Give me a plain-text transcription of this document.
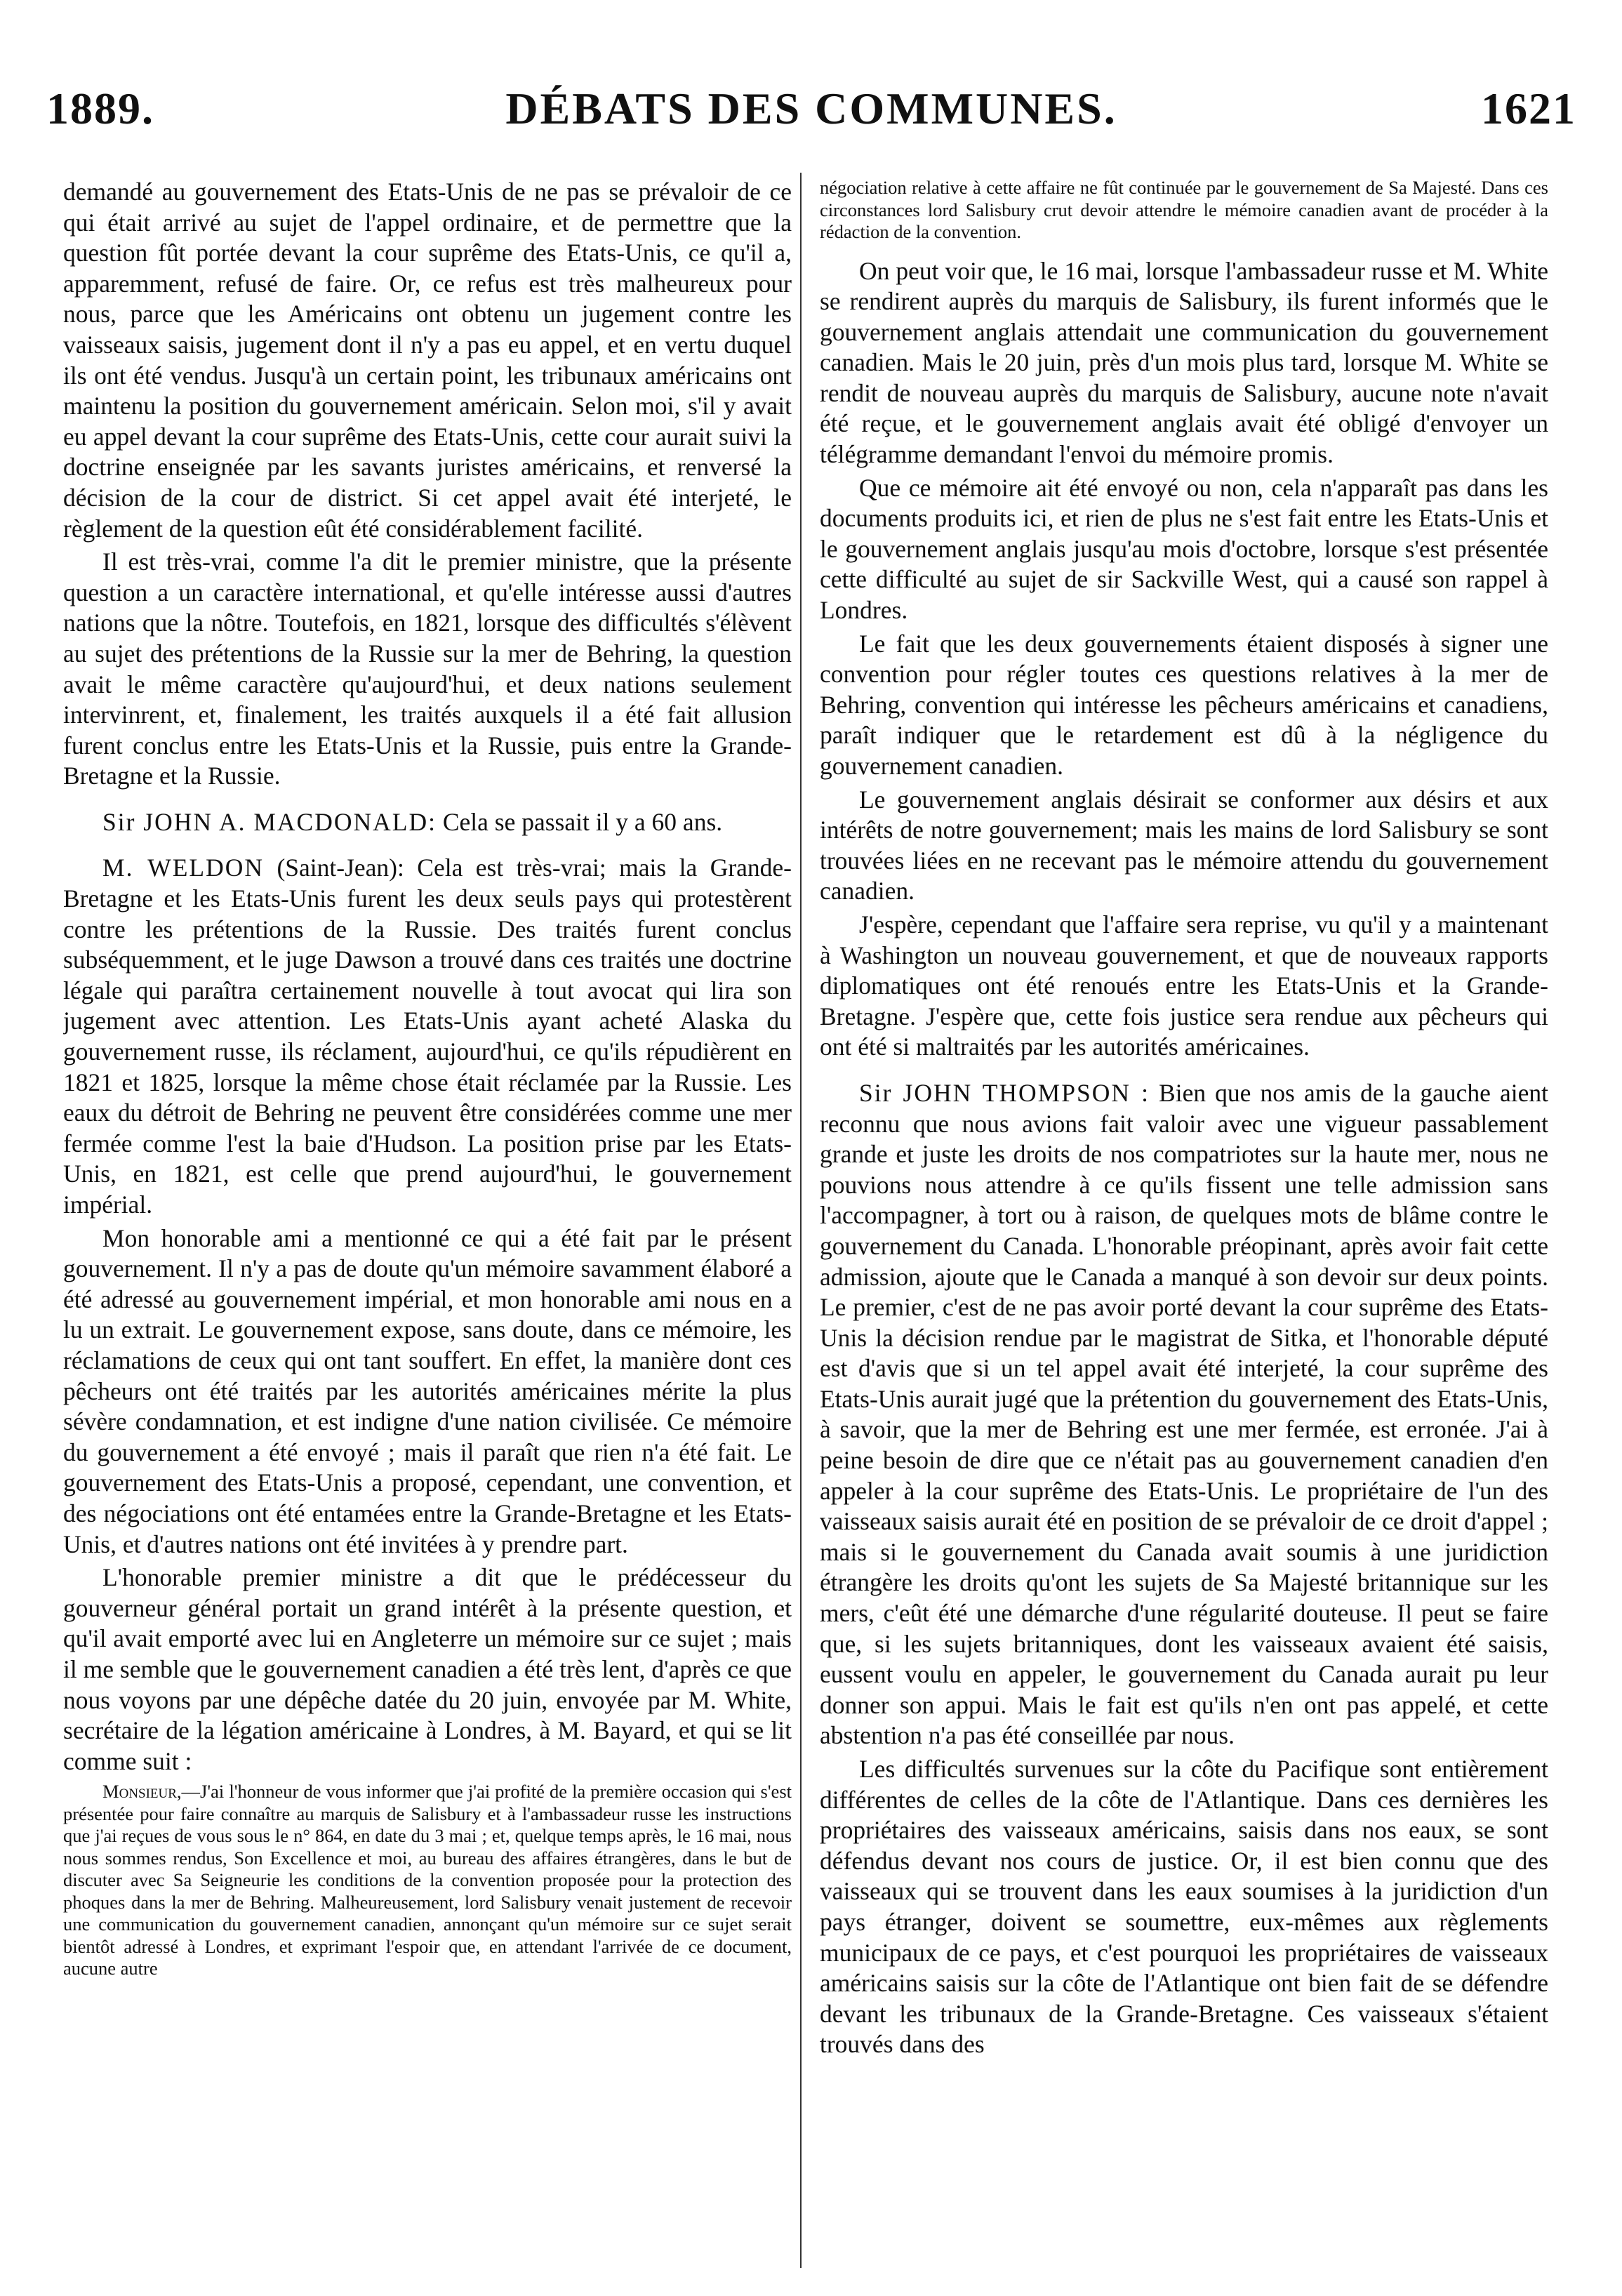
1889.	DÉBATS DES COMMUNES.	1621

demandé au gouvernement des Etats-Unis de ne pas se prévaloir de ce qui était arrivé au sujet de l'appel ordinaire, et de permettre que la question fût portée devant la cour suprême des Etats-Unis, ce qu'il a, apparemment, refusé de faire. Or, ce refus est très malheureux pour nous, parce que les Américains ont obtenu un jugement contre les vaisseaux saisis, jugement dont il n'y a pas eu appel, et en vertu duquel ils ont été vendus. Jusqu'à un certain point, les tribunaux américains ont maintenu la position du gouvernement américain. Selon moi, s'il y avait eu appel devant la cour suprême des Etats-Unis, cette cour aurait suivi la doctrine enseignée par les savants juristes américains, et renversé la décision de la cour de district. Si cet appel avait été interjeté, le règlement de la question eût été considérablement facilité.

Il est très-vrai, comme l'a dit le premier ministre, que la présente question a un caractère international, et qu'elle intéresse aussi d'autres nations que la nôtre. Toutefois, en 1821, lorsque des difficultés s'élèvent au sujet des prétentions de la Russie sur la mer de Behring, la question avait le même caractère qu'aujourd'hui, et deux nations seulement intervinrent, et, finalement, les traités auxquels il a été fait allusion furent conclus entre les Etats-Unis et la Russie, puis entre la Grande-Bretagne et la Russie.

Sir JOHN A. MACDONALD: Cela se passait il y a 60 ans.

M. WELDON (Saint-Jean): Cela est très-vrai; mais la Grande-Bretagne et les Etats-Unis furent les deux seuls pays qui protestèrent contre les prétentions de la Russie. Des traités furent conclus subséquemment, et le juge Dawson a trouvé dans ces traités une doctrine légale qui paraîtra certainement nouvelle à tout avocat qui lira son jugement avec attention. Les Etats-Unis ayant acheté Alaska du gouvernement russe, ils réclament, aujourd'hui, ce qu'ils répudièrent en 1821 et 1825, lorsque la même chose était réclamée par la Russie. Les eaux du détroit de Behring ne peuvent être considérées comme une mer fermée comme l'est la baie d'Hudson. La position prise par les Etats-Unis, en 1821, est celle que prend aujourd'hui, le gouvernement impérial.

Mon honorable ami a mentionné ce qui a été fait par le présent gouvernement. Il n'y a pas de doute qu'un mémoire savamment élaboré a été adressé au gouvernement impérial, et mon honorable ami nous en a lu un extrait. Le gouvernement expose, sans doute, dans ce mémoire, les réclamations de ceux qui ont tant souffert. En effet, la manière dont ces pêcheurs ont été traités par les autorités américaines mérite la plus sévère condamnation, et est indigne d'une nation civilisée. Ce mémoire du gouvernement a été envoyé ; mais il paraît que rien n'a été fait. Le gouvernement des Etats-Unis a proposé, cependant, une convention, et des négociations ont été entamées entre la Grande-Bretagne et les Etats-Unis, et d'autres nations ont été invitées à y prendre part.

L'honorable premier ministre a dit que le prédécesseur du gouverneur général portait un grand intérêt à la présente question, et qu'il avait emporté avec lui en Angleterre un mémoire sur ce sujet ; mais il me semble que le gouvernement canadien a été très lent, d'après ce que nous voyons par une dépêche datée du 20 juin, envoyée par M. White, secrétaire de la légation américaine à Londres, à M. Bayard, et qui se lit comme suit :

Monsieur,—J'ai l'honneur de vous informer que j'ai profité de la première occasion qui s'est présentée pour faire connaître au marquis de Salisbury et à l'ambassadeur russe les instructions que j'ai reçues de vous sous le n° 864, en date du 3 mai ; et, quelque temps après, le 16 mai, nous nous sommes rendus, Son Excellence et moi, au bureau des affaires étrangères, dans le but de discuter avec Sa Seigneurie les conditions de la convention proposée pour la protection des phoques dans la mer de Behring. Malheureusement, lord Salisbury venait justement de recevoir une communication du gouvernement canadien, annonçant qu'un mémoire sur ce sujet serait bientôt adressé à Londres, et exprimant l'espoir que, en attendant l'arrivée de ce document, aucune autre

négociation relative à cette affaire ne fût continuée par le gouvernement de Sa Majesté. Dans ces circonstances lord Salisbury crut devoir attendre le mémoire canadien avant de procéder à la rédaction de la convention.

On peut voir que, le 16 mai, lorsque l'ambassadeur russe et M. White se rendirent auprès du marquis de Salisbury, ils furent informés que le gouvernement anglais attendait une communication du gouvernement canadien. Mais le 20 juin, près d'un mois plus tard, lorsque M. White se rendit de nouveau auprès du marquis de Salisbury, aucune note n'avait été reçue, et le gouvernement anglais avait été obligé d'envoyer un télégramme demandant l'envoi du mémoire promis.

Que ce mémoire ait été envoyé ou non, cela n'apparaît pas dans les documents produits ici, et rien de plus ne s'est fait entre les Etats-Unis et le gouvernement anglais jusqu'au mois d'octobre, lorsque s'est présentée cette difficulté au sujet de sir Sackville West, qui a causé son rappel à Londres.

Le fait que les deux gouvernements étaient disposés à signer une convention pour régler toutes ces questions relatives à la mer de Behring, convention qui intéresse les pêcheurs américains et canadiens, paraît indiquer que le retardement est dû à la négligence du gouvernement canadien.

Le gouvernement anglais désirait se conformer aux désirs et aux intérêts de notre gouvernement; mais les mains de lord Salisbury se sont trouvées liées en ne recevant pas le mémoire attendu du gouvernement canadien.

J'espère, cependant que l'affaire sera reprise, vu qu'il y a maintenant à Washington un nouveau gouvernement, et que de nouveaux rapports diplomatiques ont été renoués entre les Etats-Unis et la Grande-Bretagne. J'espère que, cette fois justice sera rendue aux pêcheurs qui ont été si maltraités par les autorités américaines.

Sir JOHN THOMPSON : Bien que nos amis de la gauche aient reconnu que nous avions fait valoir avec une vigueur passablement grande et juste les droits de nos compatriotes sur la haute mer, nous ne pouvions nous attendre à ce qu'ils fissent une telle admission sans l'accompagner, à tort ou à raison, de quelques mots de blâme contre le gouvernement du Canada. L'honorable préopinant, après avoir fait cette admission, ajoute que le Canada a manqué à son devoir sur deux points. Le premier, c'est de ne pas avoir porté devant la cour suprême des Etats-Unis la décision rendue par le magistrat de Sitka, et l'honorable député est d'avis que si un tel appel avait été interjeté, la cour suprême des Etats-Unis aurait jugé que la prétention du gouvernement des Etats-Unis, à savoir, que la mer de Behring est une mer fermée, est erronée. J'ai à peine besoin de dire que ce n'était pas au gouvernement canadien d'en appeler à la cour suprême des Etats-Unis. Le propriétaire de l'un des vaisseaux saisis aurait été en position de se prévaloir de ce droit d'appel ; mais si le gouvernement du Canada avait soumis à une juridiction étrangère les droits qu'ont les sujets de Sa Majesté britannique sur les mers, c'eût été une démarche d'une régularité douteuse. Il peut se faire que, si les sujets britanniques, dont les vaisseaux avaient été saisis, eussent voulu en appeler, le gouvernement du Canada aurait pu leur donner son appui. Mais le fait est qu'ils n'en ont pas appelé, et cette abstention n'a pas été conseillée par nous.

Les difficultés survenues sur la côte du Pacifique sont entièrement différentes de celles de la côte de l'Atlantique. Dans ces dernières les propriétaires des vaisseaux américains, saisis dans nos eaux, se sont défendus devant nos cours de justice. Or, il est bien connu que des vaisseaux qui se trouvent dans les eaux soumises à la juridiction d'un pays étranger, doivent se soumettre, eux-mêmes aux règlements municipaux de ce pays, et c'est pourquoi les propriétaires de vaisseaux américains saisis sur la côte de l'Atlantique ont bien fait de se défendre devant les tribunaux de la Grande-Bretagne. Ces vaisseaux s'étaient trouvés dans des
